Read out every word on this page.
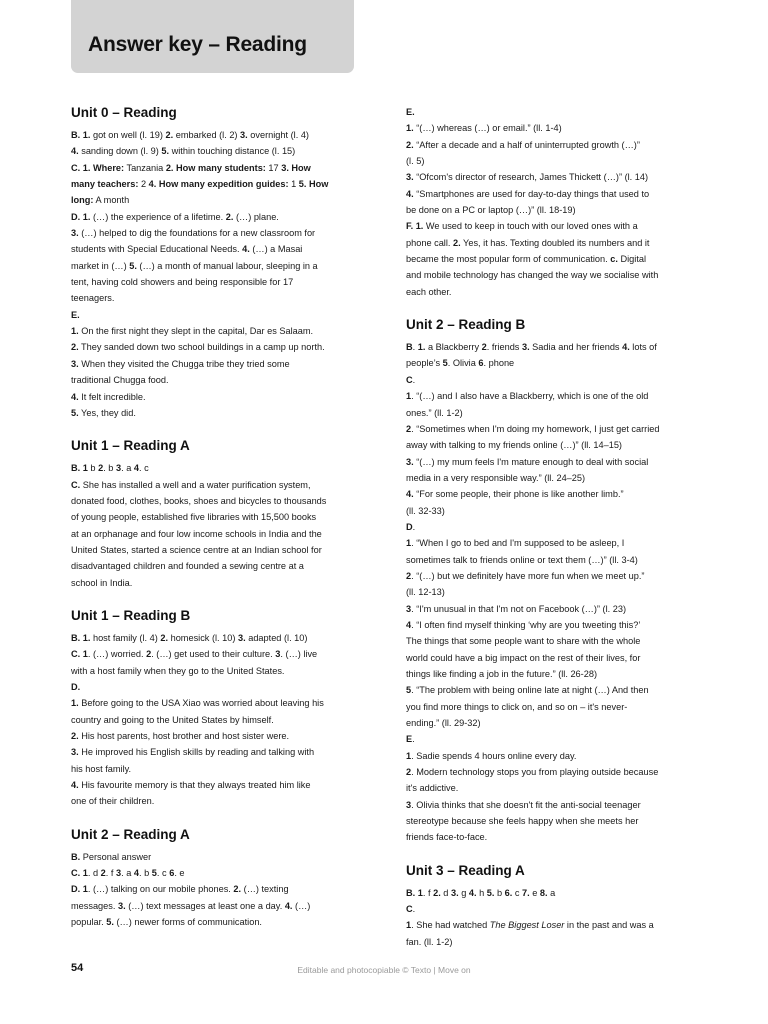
Answer key – Reading
Unit 0 – Reading
B. 1. got on well (l. 19) 2. embarked (l. 2) 3. overnight (l. 4)
4. sanding down (l. 9) 5. within touching distance (l. 15)
C. 1. Where: Tanzania 2. How many students: 17 3. How
many teachers: 2 4. How many expedition guides: 1 5. How
long: A month
D. 1. (…) the experience of a lifetime. 2. (…) plane.
3. (…) helped to dig the foundations for a new classroom for
students with Special Educational Needs. 4. (…) a Masai
market in (…) 5. (…) a month of manual labour, sleeping in a
tent, having cold showers and being responsible for 17
teenagers.
E.
1. On the first night they slept in the capital, Dar es Salaam.
2. They sanded down two school buildings in a camp up north.
3. When they visited the Chugga tribe they tried some
traditional Chugga food.
4. It felt incredible.
5. Yes, they did.
Unit 1 – Reading A
B. 1 b 2. b 3. a 4. c
C. She has installed a well and a water purification system,
donated food, clothes, books, shoes and bicycles to thousands
of young people, established five libraries with 15,500 books
at an orphanage and four low income schools in India and the
United States, started a science centre at an Indian school for
disadvantaged children and founded a sewing centre at a
school in India.
Unit 1 – Reading B
B. 1. host family (l. 4) 2. homesick (l. 10) 3. adapted (l. 10)
C. 1. (…) worried. 2. (…) get used to their culture. 3. (…) live
with a host family when they go to the United States.
D.
1. Before going to the USA Xiao was worried about leaving his
country and going to the United States by himself.
2. His host parents, host brother and host sister were.
3. He improved his English skills by reading and talking with
his host family.
4. His favourite memory is that they always treated him like
one of their children.
Unit 2 – Reading A
B. Personal answer
C. 1. d 2. f 3. a 4. b 5. c 6. e
D. 1. (…) talking on our mobile phones. 2. (…) texting
messages. 3. (…) text messages at least one a day. 4. (…)
popular. 5. (…) newer forms of communication.
E.
1. “(…) whereas (…) or email.” (ll. 1-4)
2. “After a decade and a half of uninterrupted growth (…)”
(l. 5)
3. “Ofcom's director of research, James Thickett (…)” (l. 14)
4. “Smartphones are used for day-to-day things that used to
be done on a PC or laptop (…)” (ll. 18-19)
F. 1. We used to keep in touch with our loved ones with a
phone call. 2. Yes, it has. Texting doubled its numbers and it
became the most popular form of communication. c. Digital
and mobile technology has changed the way we socialise with
each other.
Unit 2 – Reading B
B. 1. a Blackberry 2. friends 3. Sadia and her friends 4. lots of
people’s 5. Olivia 6. phone
C.
1. “(…) and I also have a Blackberry, which is one of the old
ones.” (ll. 1-2)
2. “Sometimes when I'm doing my homework, I just get carried
away with talking to my friends online (…)” (ll. 14–15)
3. “(…) my mum feels I'm mature enough to deal with social
media in a very responsible way.” (ll. 24–25)
4. “For some people, their phone is like another limb.”
(ll. 32-33)
D.
1. “When I go to bed and I'm supposed to be asleep, I
sometimes talk to friends online or text them (…)” (ll. 3-4)
2. “(…) but we definitely have more fun when we meet up.”
(ll. 12-13)
3. “I'm unusual in that I'm not on Facebook (…)” (l. 23)
4. “I often find myself thinking ‘why are you tweeting this?’
The things that some people want to share with the whole
world could have a big impact on the rest of their lives, for
things like finding a job in the future.” (ll. 26-28)
5. “The problem with being online late at night (…) And then
you find more things to click on, and so on – it's never-
ending.” (ll. 29-32)
E.
1. Sadie spends 4 hours online every day.
2. Modern technology stops you from playing outside because
it's addictive.
3. Olivia thinks that she doesn't fit the anti-social teenager
stereotype because she feels happy when she meets her
friends face-to-face.
Unit 3 – Reading A
B. 1. f 2. d 3. g 4. h 5. b 6. c 7. e 8. a
C.
1. She had watched The Biggest Loser in the past and was a
fan. (ll. 1-2)
54	Editable and photocopiable © Texto | Move on
